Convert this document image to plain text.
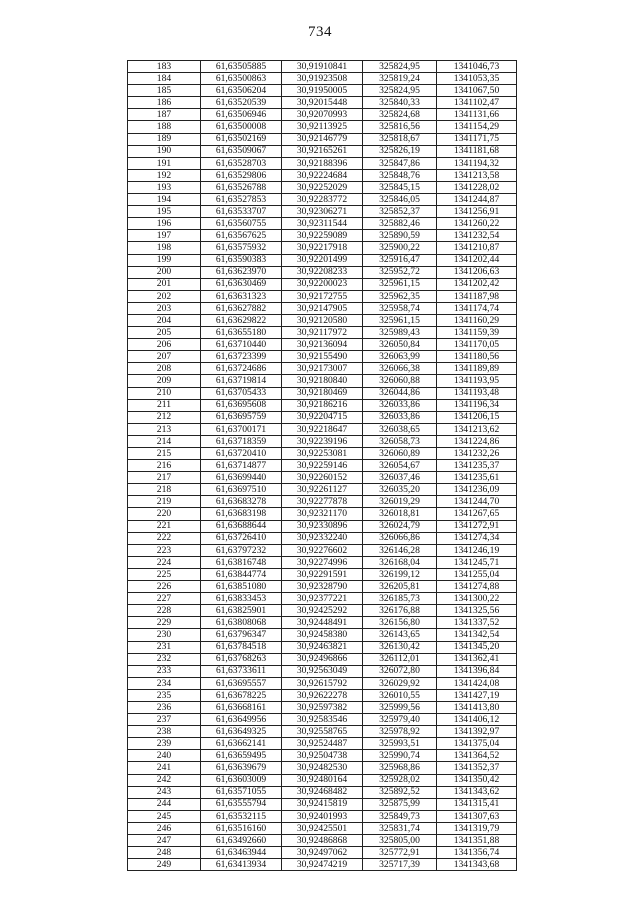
734
183	61,63505885	30,91910841	325824,95	1341046,73
184	61,63500863	30,91923508	325819,24	1341053,35
185	61,63506204	30,91950005	325824,95	1341067,50
186	61,63520539	30,92015448	325840,33	1341102,47
187	61,63506946	30,92070993	325824,68	1341131,66
188	61,63500008	30,92113925	325816,56	1341154,29
189	61,63502169	30,92146779	325818,67	1341171,75
190	61,63509067	30,92165261	325826,19	1341181,68
191	61,63528703	30,92188396	325847,86	1341194,32
192	61,63529806	30,92224684	325848,76	1341213,58
193	61,63526788	30,92252029	325845,15	1341228,02
194	61,63527853	30,92283772	325846,05	1341244,87
195	61,63533707	30,92306271	325852,37	1341256,91
196	61,63560755	30,92311544	325882,46	1341260,22
197	61,63567625	30,92259089	325890,59	1341232,54
198	61,63575932	30,92217918	325900,22	1341210,87
199	61,63590383	30,92201499	325916,47	1341202,44
200	61,63623970	30,92208233	325952,72	1341206,63
201	61,63630469	30,92200023	325961,15	1341202,42
202	61,63631323	30,92172755	325962,35	1341187,98
203	61,63627882	30,92147905	325958,74	1341174,74
204	61,63629822	30,92120580	325961,15	1341160,29
205	61,63655180	30,92117972	325989,43	1341159,39
206	61,63710440	30,92136094	326050,84	1341170,05
207	61,63723399	30,92155490	326063,99	1341180,56
208	61,63724686	30,92173007	326066,38	1341189,89
209	61,63719814	30,92180840	326060,88	1341193,95
210	61,63705433	30,92180469	326044,86	1341193,48
211	61,63695608	30,92186216	326033,86	1341196,34
212	61,63695759	30,92204715	326033,86	1341206,15
213	61,63700171	30,92218647	326038,65	1341213,62
214	61,63718359	30,92239196	326058,73	1341224,86
215	61,63720410	30,92253081	326060,89	1341232,26
216	61,63714877	30,92259146	326054,67	1341235,37
217	61,63699440	30,92260152	326037,46	1341235,61
218	61,63697510	30,92261127	326035,20	1341236,09
219	61,63683278	30,92277878	326019,29	1341244,70
220	61,63683198	30,92321170	326018,81	1341267,65
221	61,63688644	30,92330896	326024,79	1341272,91
222	61,63726410	30,92332240	326066,86	1341274,34
223	61,63797232	30,92276602	326146,28	1341246,19
224	61,63816748	30,92274996	326168,04	1341245,71
225	61,63844774	30,92291591	326199,12	1341255,04
226	61,63851080	30,92328790	326205,81	1341274,88
227	61,63833453	30,92377221	326185,73	1341300,22
228	61,63825901	30,92425292	326176,88	1341325,56
229	61,63808068	30,92448491	326156,80	1341337,52
230	61,63796347	30,92458380	326143,65	1341342,54
231	61,63784518	30,92463821	326130,42	1341345,20
232	61,63768263	30,92496866	326112,01	1341362,41
233	61,63733611	30,92563049	326072,80	1341396,84
234	61,63695557	30,92615792	326029,92	1341424,08
235	61,63678225	30,92622278	326010,55	1341427,19
236	61,63668161	30,92597382	325999,56	1341413,80
237	61,63649956	30,92583546	325979,40	1341406,12
238	61,63649325	30,92558765	325978,92	1341392,97
239	61,63662141	30,92524487	325993,51	1341375,04
240	61,63659495	30,92504738	325990,74	1341364,52
241	61,63639679	30,92482530	325968,86	1341352,37
242	61,63603009	30,92480164	325928,02	1341350,42
243	61,63571055	30,92468482	325892,52	1341343,62
244	61,63555794	30,92415819	325875,99	1341315,41
245	61,63532115	30,92401993	325849,73	1341307,63
246	61,63516160	30,92425501	325831,74	1341319,79
247	61,63492660	30,92486868	325805,00	1341351,88
248	61,63463944	30,92497062	325772,91	1341356,74
249	61,63413934	30,92474219	325717,39	1341343,68
